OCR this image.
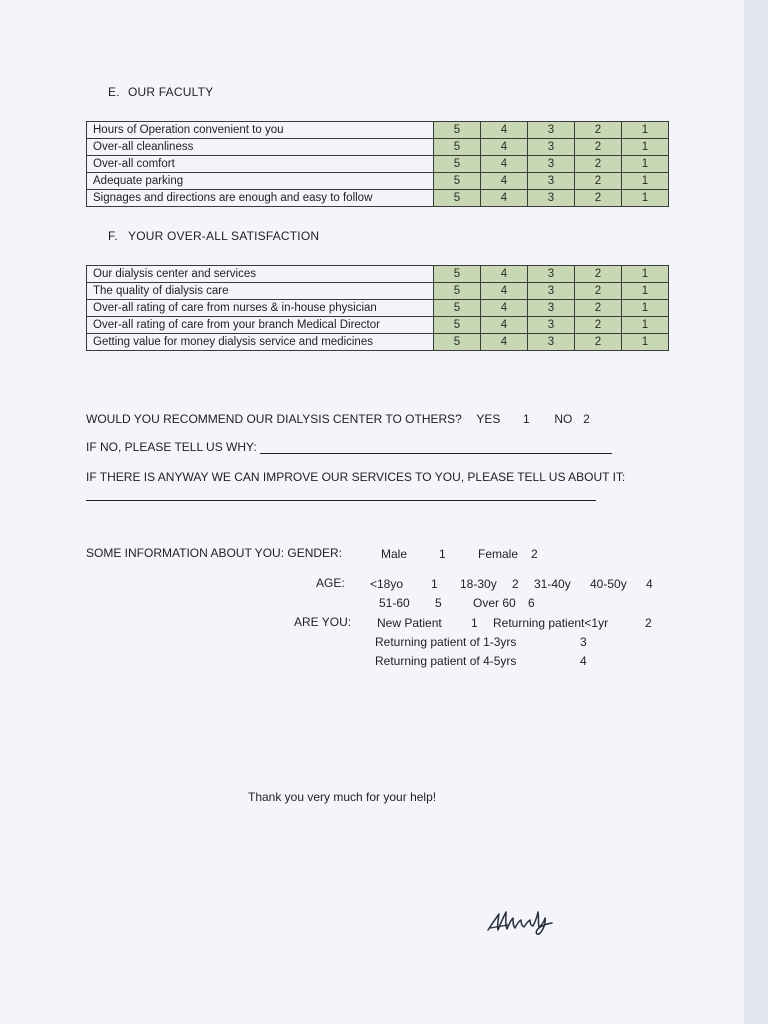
E. OUR FACULTY
Hours of Operation convenient to you	5	4	3	2	1
Over-all cleanliness	5	4	3	2	1
Over-all comfort	5	4	3	2	1
Adequate parking	5	4	3	2	1
Signages and directions are enough and easy to follow	5	4	3	2	1
F. YOUR OVER-ALL SATISFACTION
Our dialysis center and services	5	4	3	2	1
The quality of dialysis care	5	4	3	2	1
Over-all rating of care from nurses & in-house physician	5	4	3	2	1
Over-all rating of care from your branch Medical Director	5	4	3	2	1
Getting value for money dialysis service and medicines	5	4	3	2	1
WOULD YOU RECOMMEND OUR DIALYSIS CENTER TO OTHERS? YES 1 NO 2
IF NO, PLEASE TELL US WHY:
IF THERE IS ANYWAY WE CAN IMPROVE OUR SERVICES TO YOU, PLEASE TELL US ABOUT IT:
SOME INFORMATION ABOUT YOU: GENDER:	Male	1	Female 2
AGE: <18yo 1 18-30y 2 31-40y 40-50y 4
51-60 5	Over 60 6
ARE YOU: New Patient 1 Returning patient<1yr	2
Returning patient of 1-3yrs	3
Returning patient of 4-5yrs	4
Thank you very much for your help!
